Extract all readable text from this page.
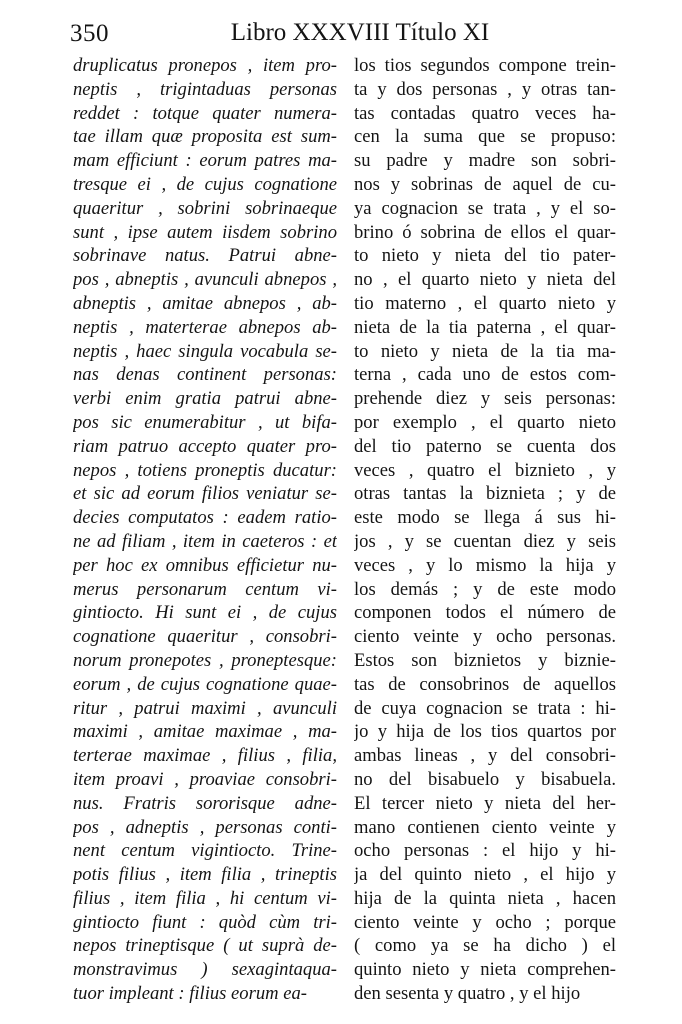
350	Libro XXXVIII Título XI
druplicatus pronepos , item pro-
neptis , trigintaduas personas
reddet : totque quater numera-
tae illam quæ proposita est sum-
mam efficiunt : eorum patres ma-
tresque ei , de cujus cognatione
quaeritur , sobrini sobrinaeque
sunt , ipse autem iisdem sobrino
sobrinave natus. Patrui abne-
pos , abneptis , avunculi abnepos ,
abneptis , amitae abnepos , ab-
neptis , materterae abnepos ab-
neptis , haec singula vocabula se-
nas denas continent personas:
verbi enim gratia patrui abne-
pos sic enumerabitur , ut bifa-
riam patruo accepto quater pro-
nepos , totiens proneptis ducatur:
et sic ad eorum filios veniatur se-
decies computatos : eadem ratio-
ne ad filiam , item in caeteros : et
per hoc ex omnibus efficietur nu-
merus personarum centum vi-
gintiocto. Hi sunt ei , de cujus
cognatione quaeritur , consobri-
norum pronepotes , proneptesque:
eorum , de cujus cognatione quae-
ritur , patrui maximi , avunculi
maximi , amitae maximae , ma-
terterae maximae , filius , filia,
item proavi , proaviae consobri-
nus. Fratris sororisque adne-
pos , adneptis , personas conti-
nent centum vigintiocto. Trine-
potis filius , item filia , trineptis
filius , item filia , hi centum vi-
gintiocto fiunt : quòd cùm tri-
nepos trineptisque ( ut suprà de-
monstravimus ) sexagintaqua-
tuor impleant : filius eorum ea-
los tios segundos compone trein-
ta y dos personas , y otras tan-
tas contadas quatro veces ha-
cen la suma que se propuso:
su padre y madre son sobri-
nos y sobrinas de aquel de cu-
ya cognacion se trata , y el so-
brino ó sobrina de ellos el quar-
to nieto y nieta del tio pater-
no , el quarto nieto y nieta del
tio materno , el quarto nieto y
nieta de la tia paterna , el quar-
to nieto y nieta de la tia ma-
terna , cada uno de estos com-
prehende diez y seis personas:
por exemplo , el quarto nieto
del tio paterno se cuenta dos
veces , quatro el biznieto , y
otras tantas la biznieta ; y de
este modo se llega á sus hi-
jos , y se cuentan diez y seis
veces , y lo mismo la hija y
los demás ; y de este modo
componen todos el número de
ciento veinte y ocho personas.
Estos son biznietos y biznie-
tas de consobrinos de aquellos
de cuya cognacion se trata : hi-
jo y hija de los tios quartos por
ambas lineas , y del consobri-
no del bisabuelo y bisabuela.
El tercer nieto y nieta del her-
mano contienen ciento veinte y
ocho personas : el hijo y hi-
ja del quinto nieto , el hijo y
hija de la quinta nieta , hacen
ciento veinte y ocho ; porque
( como ya se ha dicho ) el
quinto nieto y nieta comprehen-
den sesenta y quatro , y el hijo
